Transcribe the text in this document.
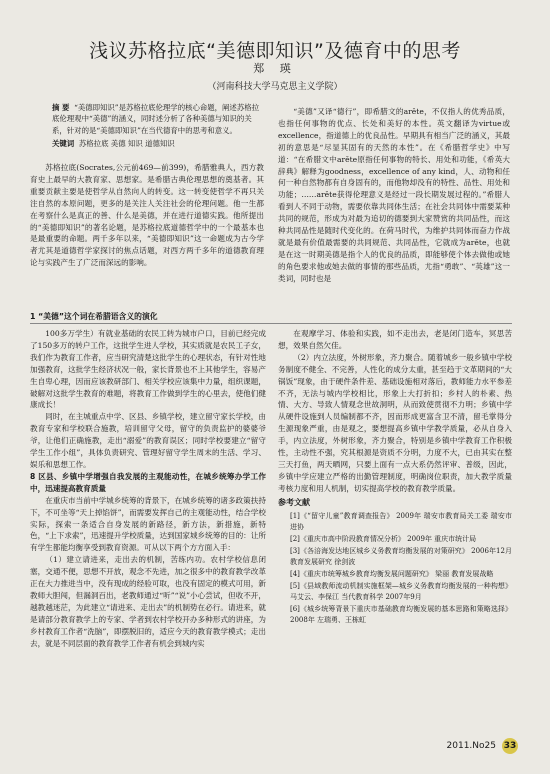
浅议苏格拉底“美德即知识”及德育中的思考
郑 瑛
（河南科技大学马克思主义学院）
摘 要 “美德即知识”是苏格拉底伦理学的核心命题，阐述苏格拉底伦理观中“美德”的涵义，同时述分析了各种美德与知识的关系，针对的是“美德即知识”在当代德育中的思考和意义。
关键词 苏格拉底 美德 知识 道德知识

苏格拉底(Socrates,公元前469—前399)，希腊雅典人，西方教育史上最早的大教育家、思想家。是希腊古典伦理思想的奠基者。其重要贡献主要是使哲学从自然向人的转变。这一转变使哲学不再只关注自然的本原问题，更多的是关注人关注社会的伦理问题。他一生都在考察什么是真正的善、什么是美德，并在进行道德实践。他所提出的“美德即知识”的著名论题，是苏格拉底道德哲学中的一个最基本也是最重要的命题。两千多年以来，“美德即知识”这一命题成为古今学者尤其是道德哲学家探讨的焦点话题，对西方两千多年的道德教育理论与实践产生了广泛而深远的影响。

1 “美德”这个词在希腊语含义的演化

“美德”又译“德行”，即希腊文的arěte，不仅指人的优秀品质，也指任何事物的优点、长处和美好的本性。英文翻译为virtue或excellence，指道德上的优良品性。早期具有相当广泛的涵义，其最初的意思是“尽显其固有的天然的本性”。在《希腊哲学史》中写道：“在希腊文中arěte原指任何事物的特长、用处和功能，《希英大辞典》解释为goodness，excellence of any kind，人、动物和任何一种自然物都有自身固有的，而他物却没有的特性、品性、用处和功能；……arěte获得伦理意义是经过一段长期发展过程的。”希腊人看到人不同于动物，需要依靠共同体生活；在社会共同体中需要某种共同的规范，形成为对最为追切的德要到大家赞赏的共同品性，而这种共同品性是随时代变化的。在荷马时代，为维护共同体而奋力作战就是最有价值最需要的共同规范、共同品性，它就成为arěte，也就是在这一时期美德是指个人的优良的品质，即能够使个体去做他或她的角色要求他或她去做的事情的那些品质，尤指“勇敢”、“英雄”这一类词，同时也是

100多万学生）有就业基础的农民工转为城市户口，目前已经完成了150多万的转户工作，这批学生进人学校，其实质就是农民工子女，我们作为教育工作者，应当研究清楚这批学生的心理状态，有针对性地加强教育，这批学生经济状况一般，家长背景也不上其他学生，容易产生自卑心理，因而应该教研部门、相关学校应该集中力量，组织课题，破解对这批学生教育的难题，将教育工作做到学生的心里去，使他们健康成长！

同时，在主城重点中学、区县、乡镇学校，建立留守家长学校，由教育专家和学校联合施教，培训留守父母，留守的负责监护的婆婆爷爷，让他们正确施教，走出“溺爱”的教育误区；同时学校要建立“留守学生工作小组”，具体负责研究、管理好留守学生周末的生活、学习、娱乐和思想工作。

8 区县、乡镇中学增强自我发展的主观能动性，在城乡统筹办学工作中，迅速提高教育质量

在重庆市当前中学城乡统筹的背景下，在城乡统筹的诸多政策扶持下，不可坐等“天上掉馅饼”，而需要发挥自己的主观能动性，结合学校实际，探索一条适合自身发展的新路径，新方法，新措施，新特色，“上下求索”，迅速提升学校质量，达到国家城乡统筹的目的：让所有学生都能均衡享受到教育资源。可从以下两个方方面入手：

（1）建立请进来，走出去的机制，苦练内功。农村学校信息闭塞，交通不便，思想不开放，观念不先进，加之很多中的教育教学改革正在大力推进当中，没有现成的经验可取，也没有固定的模式可用，新教师大胆闯，但漏洞百出，老教师通过“听”“说”小心尝试，但收不开，越教越迷茫，为此建立“请进来、走出去”的机制势在必行。请进来，就是请部分教育教学上的专家、学者到农村学校开办多种形式的讲座，为乡村教育工作者“洗脑”，即摆脱旧的，适应今天的教育教学模式；走出去，就是不同层面的教育教学工作者有机会到城内实

在观摩学习、体验和实践，如不走出去，老是闭门造车，冥思苦想，效果自然欠佳。

（2）内立法度，外树形象，齐力聚合。随着城乡一般乡镇中学校务制度不健全、不完善，人性化的成分太重，甚至趋于文革期间的“大锅饭”现象，由于硬件条件差、基础设施相对落后，教师能力水平参差不齐，无法与城内学校相比，形象上大打折扣；乡村人的朴素、热情、大方、导致人情观念世故洞明，从而致使贯彻不力明；乡镇中学从硬件设施到人员编制都不齐，因而形成更富含卫不清，留毛掌得分生源现象严重，由是观之，要想提高乡镇中学教学质量，必从自身入手，内立法度，外树形象，齐力聚合，特别是乡镇中学教育工作积极性，主动性不强，究其根源是资质不分明，力度不大，已由其实在整三天打鱼，两天晒网，只要上面有一点大系仍然评审、普级，因此，乡镇中学应建立严格的出勤管理制度，明确岗位职责，加大教学质量考核力度和用人机制，切实提高学校的教育教学质量。

参考文献

[1]《“留守儿童”教育调查报告》 2009年 瑞安市教育局关工委 瑞安市进协

[2]《重庆市高中阶段教育情况分析》 2009年 重庆市统计局

[3]《各涪海发达地区城乡义务教育均衡发展的对策研究》 2006年12月 教育发展研究 徐剑波

[4]《重庆市统筹城乡教育均衡发展问题研究》 梁丽 教育发展战略

[5]《县域教师流动机制实施框架—城乡义务教育均衡发展的一种构想》马艾云、李保江 当代教育科学 2007年9月

[6]《城乡统筹背景下重庆市基础教育均衡发展的基本思路和策略选择》 2008年 左瑞勇、王栋虹

2011.No25 33
